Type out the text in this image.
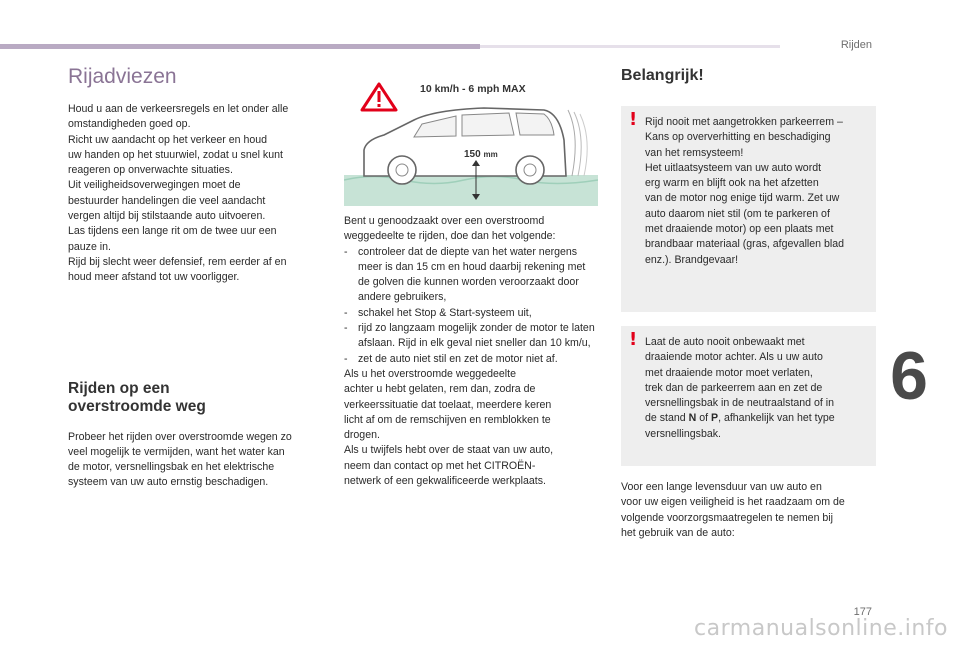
Rijden
6
Rijadviezen

Houd u aan de verkeersregels en let onder alle
omstandigheden goed op.
Richt uw aandacht op het verkeer en houd
uw handen op het stuurwiel, zodat u snel kunt
reageren op onverwachte situaties.
Uit veiligheidsoverwegingen moet de
bestuurder handelingen die veel aandacht
vergen altijd bij stilstaande auto uitvoeren.
Las tijdens een lange rit om de twee uur een
pauze in.
Rijd bij slecht weer defensief, rem eerder af en
houd meer afstand tot uw voorligger.

Rijden op een
overstroomde weg

Probeer het rijden over overstroomde wegen zo
veel mogelijk te vermijden, want het water kan
de motor, versnellingsbak en het elektrische
systeem van uw auto ernstig beschadigen.

10 km/h - 6 mph MAX
150 mm

Bent u genoodzaakt over een overstroomd
weggedeelte te rijden, doe dan het volgende:

- controleer dat de diepte van het water nergens meer is dan 15 cm en houd daarbij rekening met de golven die kunnen worden veroorzaakt door andere gebruikers,
- schakel het Stop & Start-systeem uit,
- rijd zo langzaam mogelijk zonder de motor te laten afslaan. Rijd in elk geval niet sneller dan 10 km/u,
- zet de auto niet stil en zet de motor niet af.

Als u het overstroomde weggedeelte
achter u hebt gelaten, rem dan, zodra de
verkeerssituatie dat toelaat, meerdere keren
licht af om de remschijven en remblokken te
drogen.
Als u twijfels hebt over de staat van uw auto,
neem dan contact op met het CITROËN-
netwerk of een gekwalificeerde werkplaats.

Belangrijk!
! Rijd nooit met aangetrokken parkeerrem –
Kans op oververhitting en beschadiging
van het remsysteem!
Het uitlaatsysteem van uw auto wordt
erg warm en blijft ook na het afzetten
van de motor nog enige tijd warm. Zet uw
auto daarom niet stil (om te parkeren of
met draaiende motor) op een plaats met
brandbaar materiaal (gras, afgevallen blad
enz.). Brandgevaar!

! Laat de auto nooit onbewaakt met
draaiende motor achter. Als u uw auto
met draaiende motor moet verlaten,
trek dan de parkeerrem aan en zet de
versnellingsbak in de neutraalstand of in
de stand N of P, afhankelijk van het type
versnellingsbak.

Voor een lange levensduur van uw auto en
voor uw eigen veiligheid is het raadzaam om de
volgende voorzorgsmaatregelen te nemen bij
het gebruik van de auto:

177
carmanualsonline.info
